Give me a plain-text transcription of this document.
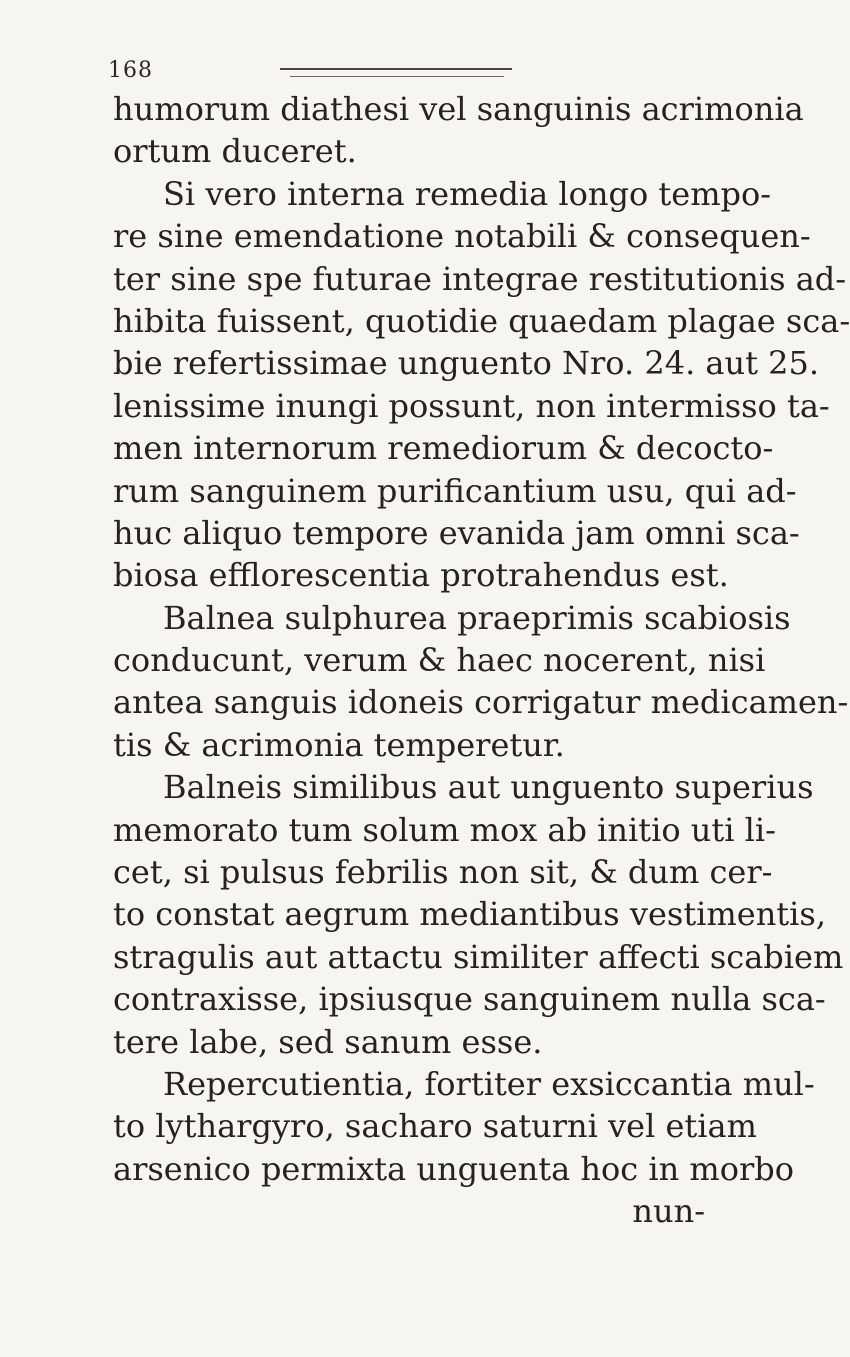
168
humorum diathesi vel sanguinis acrimonia
ortum duceret.
Si vero interna remedia longo tempo-
re sine emendatione notabili & consequen-
ter sine spe futurae integrae restitutionis ad-
hibita fuissent, quotidie quaedam plagae sca-
bie refertissimae unguento Nro. 24. aut 25.
lenissime inungi possunt, non intermisso ta-
men internorum remediorum & decocto-
rum sanguinem purificantium usu, qui ad-
huc aliquo tempore evanida jam omni sca-
biosa efflorescentia protrahendus est.
Balnea sulphurea praeprimis scabiosis
conducunt, verum & haec nocerent, nisi
antea sanguis idoneis corrigatur medicamen-
tis & acrimonia temperetur.
Balneis similibus aut unguento superius
memorato tum solum mox ab initio uti li-
cet, si pulsus febrilis non sit, & dum cer-
to constat aegrum mediantibus vestimentis,
stragulis aut attactu similiter affecti scabiem
contraxisse, ipsiusque sanguinem nulla sca-
tere labe, sed sanum esse.
Repercutientia, fortiter exsiccantia mul-
to lythargyro, sacharo saturni vel etiam
arsenico permixta unguenta hoc in morbo
nun-
